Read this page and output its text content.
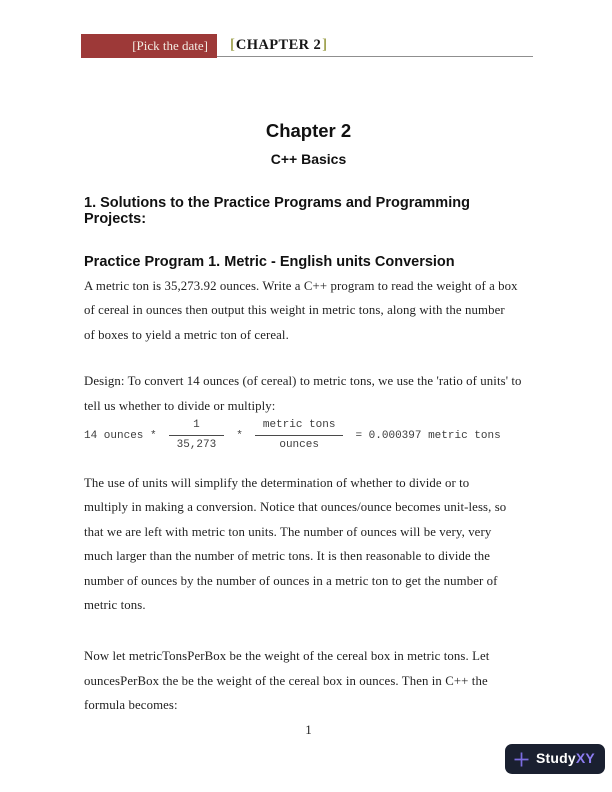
[Pick the date] [ CHAPTER 2 ]
Chapter 2
C++ Basics
1. Solutions to the Practice Programs and Programming Projects:
Practice Program 1. Metric - English units Conversion
A metric ton is 35,273.92 ounces. Write a C++ program to read the weight of a box
of cereal in ounces then output this weight in metric tons, along with the number
of boxes to yield a metric ton of cereal.
Design: To convert 14 ounces (of cereal) to metric tons, we use the 'ratio of units' to
tell us whether to divide or multiply:
14 ounces * $\frac{1}{35,273} * \frac{\text{metric tons}}{\text{ounces}} = 0.000397$ metric tons
The use of units will simplify the determination of whether to divide or to
multiply in making a conversion. Notice that ounces/ounce becomes unit-less, so
that we are left with metric ton units. The number of ounces will be very, very
much larger than the number of metric tons. It is then reasonable to divide the
number of ounces by the number of ounces in a metric ton to get the number of
metric tons.
Now let metricTonsPerBox be the weight of the cereal box in metric tons. Let
ouncesPerBox the be the weight of the cereal box in ounces. Then in C++ the
formula becomes:
1
StudyXY
